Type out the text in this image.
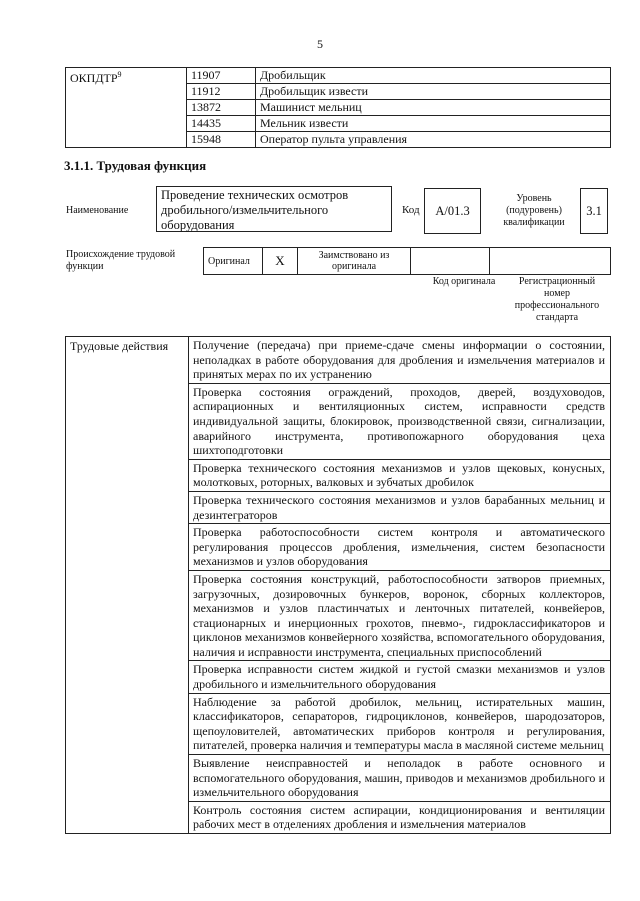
5
ОКПДТР$^9$	11907	Дробильщик
	11912	Дробильщик извести
	13872	Машинист мельниц
	14435	Мельник извести
	15948	Оператор пульта управления
3.1.1. Трудовая функция
Наименование
Проведение технических осмотров дробильного/измельчительного оборудования
Код	A/01.3
Уровень (подуровень) квалификации
3.1
Происхождение трудовой функции	Оригинал	X	Заимствовано из оригинала		
Код оригинала	Регистрационный номер профессионального стандарта
Трудовые действия	Получение (передача) при приеме-сдаче смены информации о состоянии, неполадках в работе оборудования для дробления и измельчения материалов и принятых мерах по их устранению
Проверка состояния ограждений, проходов, дверей, воздуховодов, аспирационных и вентиляционных систем, исправности средств индивидуальной защиты, блокировок, производственной связи, сигнализации, аварийного инструмента, противопожарного оборудования цеха шихтоподготовки
Проверка технического состояния механизмов и узлов щековых, конусных, молотковых, роторных, валковых и зубчатых дробилок
Проверка технического состояния механизмов и узлов барабанных мельниц и дезинтеграторов
Проверка работоспособности систем контроля и автоматического регулирования процессов дробления, измельчения, систем безопасности механизмов и узлов оборудования
Проверка состояния конструкций, работоспособности затворов приемных, загрузочных, дозировочных бункеров, воронок, сборных коллекторов, механизмов и узлов пластинчатых и ленточных питателей, конвейеров, стационарных и инерционных грохотов, пневмо-, гидроклассификаторов и циклонов механизмов конвейерного хозяйства, вспомогательного оборудования, наличия и исправности инструмента, специальных приспособлений
Проверка исправности систем жидкой и густой смазки механизмов и узлов дробильного и измельчительного оборудования
Наблюдение за работой дробилок, мельниц, истирательных машин, классификаторов, сепараторов, гидроциклонов, конвейеров, шародозаторов, щепоуловителей, автоматических приборов контроля и регулирования, питателей, проверка наличия и температуры масла в масляной системе мельниц
Выявление неисправностей и неполадок в работе основного и вспомогательного оборудования, машин, приводов и механизмов дробильного и измельчительного оборудования
Контроль состояния систем аспирации, кондиционирования и вентиляции рабочих мест в отделениях дробления и измельчения материалов
